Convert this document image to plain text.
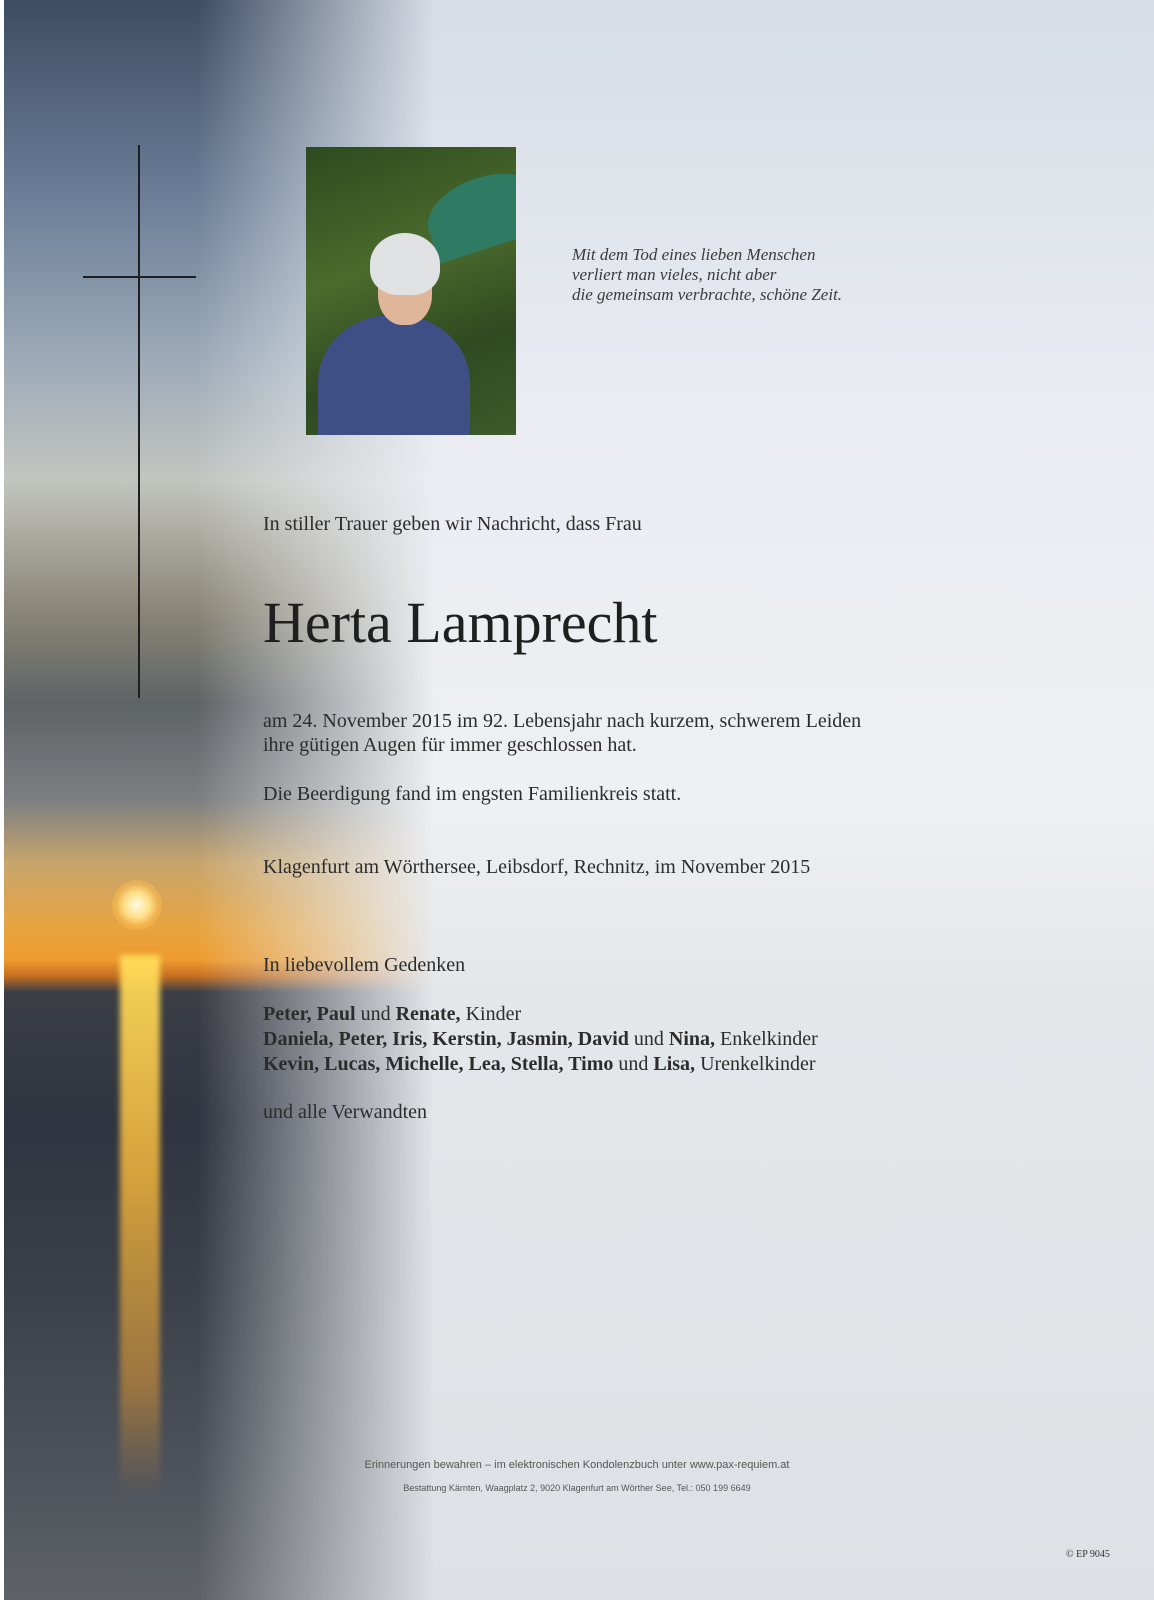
Mit dem Tod eines lieben Menschen
verliert man vieles, nicht aber
die gemeinsam verbrachte, schöne Zeit.
In stiller Trauer geben wir Nachricht, dass Frau
Herta Lamprecht
am 24. November 2015 im 92. Lebensjahr nach kurzem, schwerem Leiden
ihre gütigen Augen für immer geschlossen hat.
Die Beerdigung fand im engsten Familienkreis statt.
Klagenfurt am Wörthersee, Leibsdorf, Rechnitz, im November 2015
In liebevollem Gedenken
Peter, Paul und Renate, Kinder
Daniela, Peter, Iris, Kerstin, Jasmin, David und Nina, Enkelkinder
Kevin, Lucas, Michelle, Lea, Stella, Timo und Lisa, Urenkelkinder
und alle Verwandten
Erinnerungen bewahren – im elektronischen Kondolenzbuch unter www.pax-requiem.at
Bestattung Kärnten, Waagplatz 2, 9020 Klagenfurt am Wörther See, Tel.: 050 199 6649
© EP 9045
